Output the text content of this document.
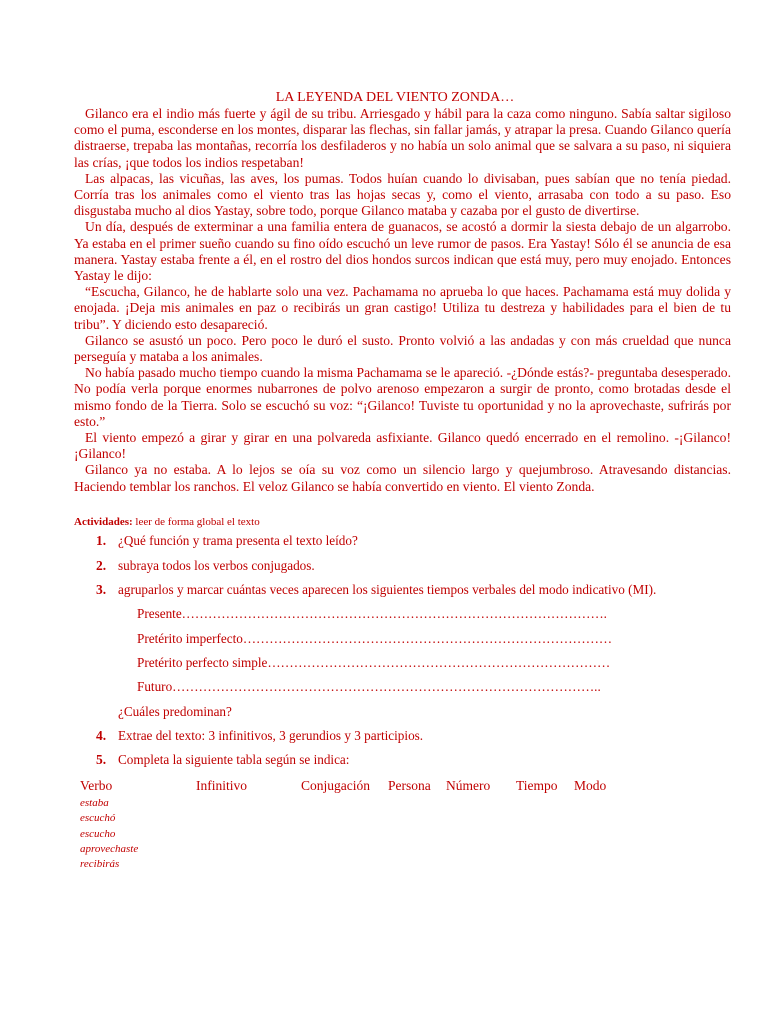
LA LEYENDA DEL VIENTO ZONDA…

Gilanco era el indio más fuerte y ágil de su tribu. Arriesgado y hábil para la caza como ninguno. Sabía saltar sigiloso como el puma, esconderse en los montes, disparar las flechas, sin fallar jamás, y atrapar la presa. Cuando Gilanco quería distraerse, trepaba las montañas, recorría los desfiladeros y no había un solo animal que se salvara a su paso, ni siquiera las crías, ¡que todos los indios respetaban!

Las alpacas, las vicuñas, las aves, los pumas. Todos huían cuando lo divisaban, pues sabían que no tenía piedad. Corría tras los animales como el viento tras las hojas secas y, como el viento, arrasaba con todo a su paso. Eso disgustaba mucho al dios Yastay, sobre todo, porque Gilanco mataba y cazaba por el gusto de divertirse.

Un día, después de exterminar a una familia entera de guanacos, se acostó a dormir la siesta debajo de un algarrobo. Ya estaba en el primer sueño cuando su fino oído escuchó un leve rumor de pasos. Era Yastay! Sólo él se anuncia de esa manera. Yastay estaba frente a él, en el rostro del dios hondos surcos indican que está muy, pero muy enojado. Entonces Yastay le dijo:

“Escucha, Gilanco, he de hablarte solo una vez. Pachamama no aprueba lo que haces. Pachamama está muy dolida y enojada. ¡Deja mis animales en paz o recibirás un gran castigo! Utiliza tu destreza y habilidades para el bien de tu tribu”. Y diciendo esto desapareció.

Gilanco se asustó un poco. Pero poco le duró el susto. Pronto volvió a las andadas y con más crueldad que nunca perseguía y mataba a los animales.

No había pasado mucho tiempo cuando la misma Pachamama se le apareció. -¿Dónde estás?- preguntaba desesperado. No podía verla porque enormes nubarrones de polvo arenoso empezaron a surgir de pronto, como brotadas desde el mismo fondo de la Tierra. Solo se escuchó su voz: “¡Gilanco! Tuviste tu oportunidad y no la aprovechaste, sufrirás por esto.”

El viento empezó a girar y girar en una polvareda asfixiante. Gilanco quedó encerrado en el remolino. -¡Gilanco! ¡Gilanco!

Gilanco ya no estaba. A lo lejos se oía su voz como un silencio largo y quejumbroso. Atravesando distancias. Haciendo temblar los ranchos. El veloz Gilanco se había convertido en viento. El viento Zonda.

Actividades: leer de forma global el texto
1. ¿Qué función y trama presenta el texto leído?
2. subraya todos los verbos conjugados.
3. agruparlos y marcar cuántas veces aparecen los siguientes tiempos verbales del modo indicativo (MI).
Presente…………………………………………………………………………………….
Pretérito imperfecto…………………………………………………………………………
Pretérito perfecto simple……………………………………………………………………
Futuro……………………………………………………………………………………..
¿Cuáles predominan?
4. Extrae del texto: 3 infinitivos, 3 gerundios y 3 participios.
5. Completa la siguiente tabla según se indica:
Verbo	Infinitivo	Conjugación Persona Número Tiempo Modo
estaba
escuchó
escucho
aprovechaste
recibirás
